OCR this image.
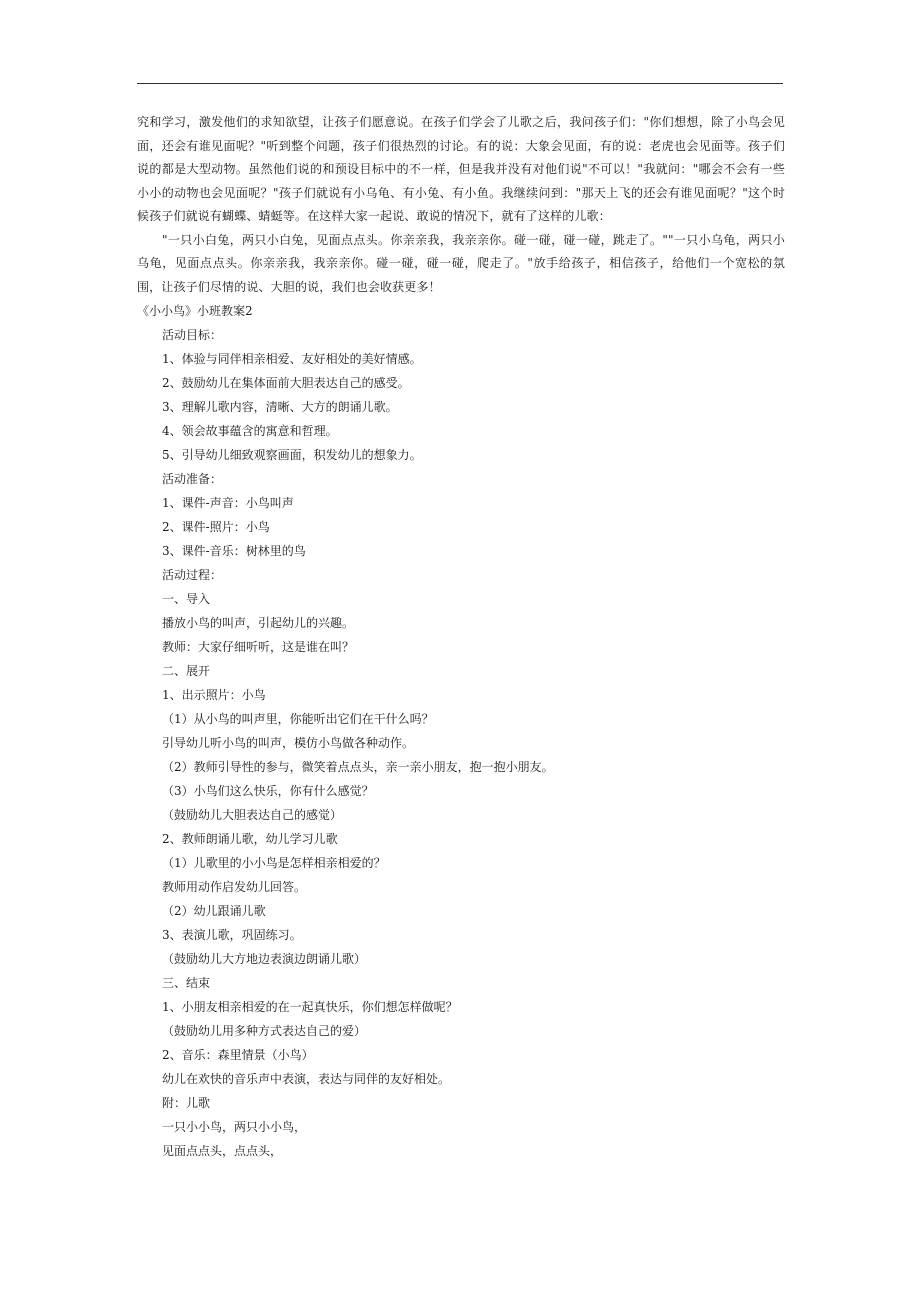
究和学习，激发他们的求知欲望，让孩子们愿意说。在孩子们学会了儿歌之后，我问孩子们："你们想想，除了小鸟会见面，还会有谁见面呢？"听到整个问题，孩子们很热烈的讨论。有的说：大象会见面，有的说：老虎也会见面等。孩子们说的都是大型动物。虽然他们说的和预设目标中的不一样，但是我并没有对他们说"不可以！"我就问："哪会不会有一些小小的动物也会见面呢？"孩子们就说有小乌龟、有小兔、有小鱼。我继续问到："那天上飞的还会有谁见面呢？"这个时候孩子们就说有蝴蝶、蜻蜓等。在这样大家一起说、敢说的情况下，就有了这样的儿歌：

"一只小白兔，两只小白兔，见面点点头。你亲亲我，我亲亲你。碰一碰，碰一碰，跳走了。""一只小乌龟，两只小乌龟，见面点点头。你亲亲我，我亲亲你。碰一碰，碰一碰，爬走了。"放手给孩子，相信孩子，给他们一个宽松的氛围，让孩子们尽情的说、大胆的说，我们也会收获更多！

《小小鸟》小班教案2

活动目标：

1、体验与同伴相亲相爱、友好相处的美好情感。

2、鼓励幼儿在集体面前大胆表达自己的感受。

3、理解儿歌内容，清晰、大方的朗诵儿歌。

4、领会故事蕴含的寓意和哲理。

5、引导幼儿细致观察画面，积发幼儿的想象力。

活动准备：

1、课件-声音：小鸟叫声

2、课件-照片：小鸟

3、课件-音乐：树林里的鸟

活动过程：

一、导入

播放小鸟的叫声，引起幼儿的兴趣。

教师：大家仔细听听，这是谁在叫？

二、展开

1、出示照片：小鸟

（1）从小鸟的叫声里，你能听出它们在干什么吗？

引导幼儿听小鸟的叫声，模仿小鸟做各种动作。

（2）教师引导性的参与，微笑着点点头，亲一亲小朋友，抱一抱小朋友。

（3）小鸟们这么快乐，你有什么感觉？

（鼓励幼儿大胆表达自己的感觉）

2、教师朗诵儿歌，幼儿学习儿歌

（1）儿歌里的小小鸟是怎样相亲相爱的？

教师用动作启发幼儿回答。

（2）幼儿跟诵儿歌

3、表演儿歌，巩固练习。

（鼓励幼儿大方地边表演边朗诵儿歌）

三、结束

1、小朋友相亲相爱的在一起真快乐，你们想怎样做呢？

（鼓励幼儿用多种方式表达自己的爱）

2、音乐：森里情景（小鸟）

幼儿在欢快的音乐声中表演，表达与同伴的友好相处。

附：儿歌

一只小小鸟，两只小小鸟，

见面点点头，点点头，
